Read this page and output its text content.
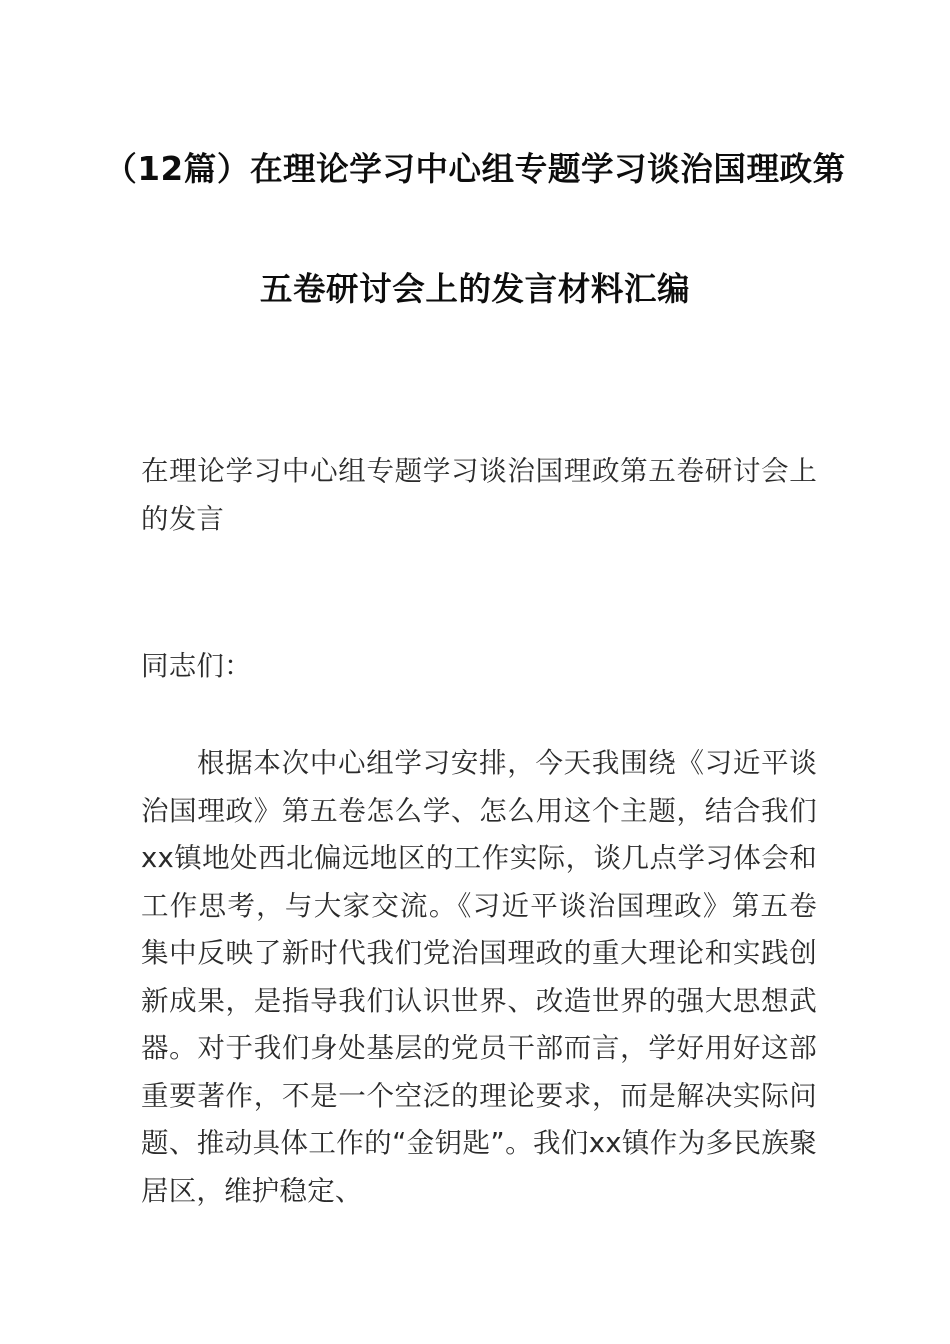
（12篇）在理论学习中心组专题学习谈治国理政第
五卷研讨会上的发言材料汇编
在理论学习中心组专题学习谈治国理政第五卷研讨会上的发言
同志们：
根据本次中心组学习安排，今天我围绕《习近平谈治国理政》第五卷怎么学、怎么用这个主题，结合我们xx镇地处西北偏远地区的工作实际，谈几点学习体会和工作思考，与大家交流。《习近平谈治国理政》第五卷集中反映了新时代我们党治国理政的重大理论和实践创新成果，是指导我们认识世界、改造世界的强大思想武器。对于我们身处基层的党员干部而言，学好用好这部重要著作，不是一个空泛的理论要求，而是解决实际问题、推动具体工作的“金钥匙”。我们xx镇作为多民族聚居区，维护稳定、
